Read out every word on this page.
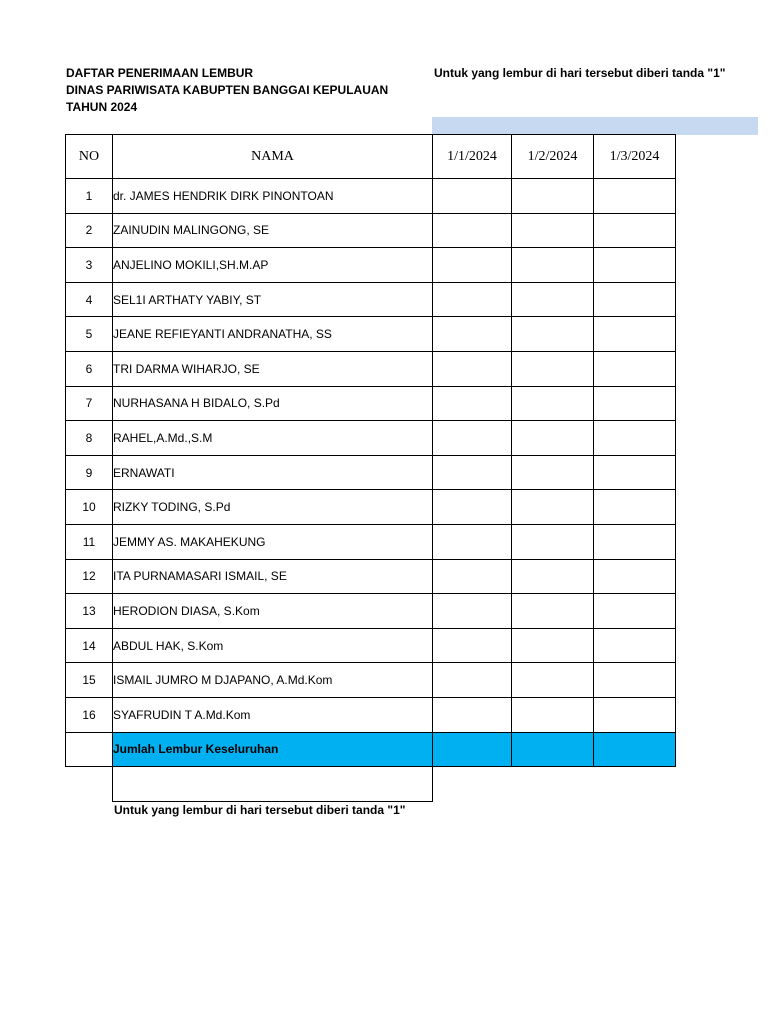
DAFTAR PENERIMAAN LEMBUR
DINAS PARIWISATA KABUPTEN BANGGAI KEPULAUAN
TAHUN 2024
Untuk yang lembur di hari tersebut diberi tanda "1"
NO	NAMA	1/1/2024	1/2/2024	1/3/2024
1	dr. JAMES HENDRIK DIRK PINONTOAN			
2	ZAINUDIN MALINGONG, SE			
3	ANJELINO MOKILI,SH.M.AP			
4	SEL1I ARTHATY YABIY, ST			
5	JEANE REFIEYANTI ANDRANATHA, SS			
6	TRI DARMA WIHARJO, SE			
7	NURHASANA H BIDALO, S.Pd			
8	RAHEL,A.Md.,S.M			
9	ERNAWATI			
10	RIZKY TODING, S.Pd			
11	JEMMY AS. MAKAHEKUNG			
12	ITA PURNAMASARI ISMAIL, SE			
13	HERODION DIASA, S.Kom			
14	ABDUL HAK, S.Kom			
15	ISMAIL JUMRO M DJAPANO, A.Md.Kom			
16	SYAFRUDIN T A.Md.Kom			
	Jumlah Lembur Keseluruhan			
Untuk yang lembur di hari tersebut diberi tanda "1"
